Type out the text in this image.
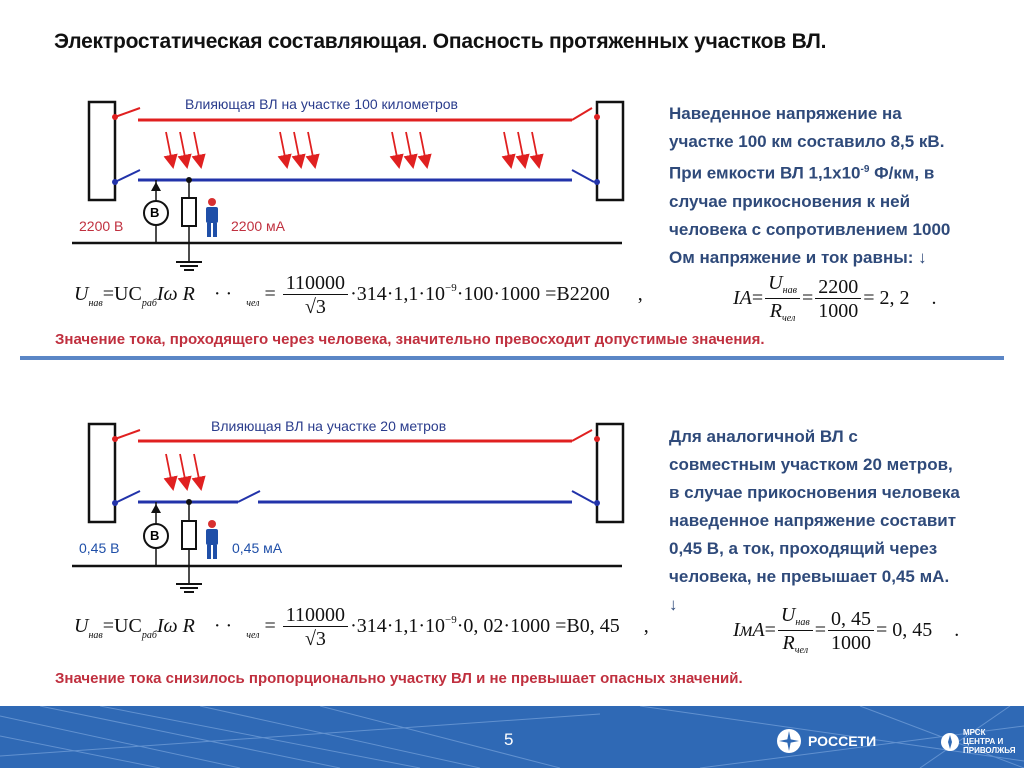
Электростатическая составляющая. Опасность протяженных участков ВЛ.
Влияющая ВЛ на участке 100 километров
В
2200 В	2200 мА
Влияющая ВЛ на участке 20 метров
В
0,45 В	0,45 мА
Наведенное напряжение на
участке 100 км составило 8,5 кВ.
При емкости ВЛ $1,1х10^{-9}$ Ф/км, в
случае прикосновения к ней
человека с сопротивлением 1000
Ом напряжение и ток равны: ↓
$U_{нав}=UC_{раб}I\omega$ R · · $_{чел} = \frac{110000}{√3} \cdot 314\cdot 1,1\cdot 10^{-9}\cdot 100\cdot 1000 =B2200$ ,	$IA= \frac{U_{нав}}{R_{чел}} = \frac{2200}{1000} = 2$, 2 .
Значение тока, проходящего через человека, значительно превосходит допустимые значения.
Для аналогичной ВЛ с
совместным участком 20 метров,
в случае прикосновения человека
наведенное напряжение составит
0,45 В, а ток, проходящий через
человека, не превышает 0,45 мА.
↓
$U_{нав}=UC_{раб}I\omega$ R · · $_{чел} = \frac{110000}{√3} \cdot 314\cdot 1,1\cdot 10^{-9}\cdot 0$, 02·1000 =B0, 45 ,	$IмA= \frac{U_{нав}}{R_{чел}} = \frac{0, 45}{1000} = 0$, 45 .
Значение тока снизилось пропорционально участку ВЛ и не превышает опасных значений.
5	РОССЕТИ
МРСК
ЦЕНТРА И
ПРИВОЛЖЬЯ
